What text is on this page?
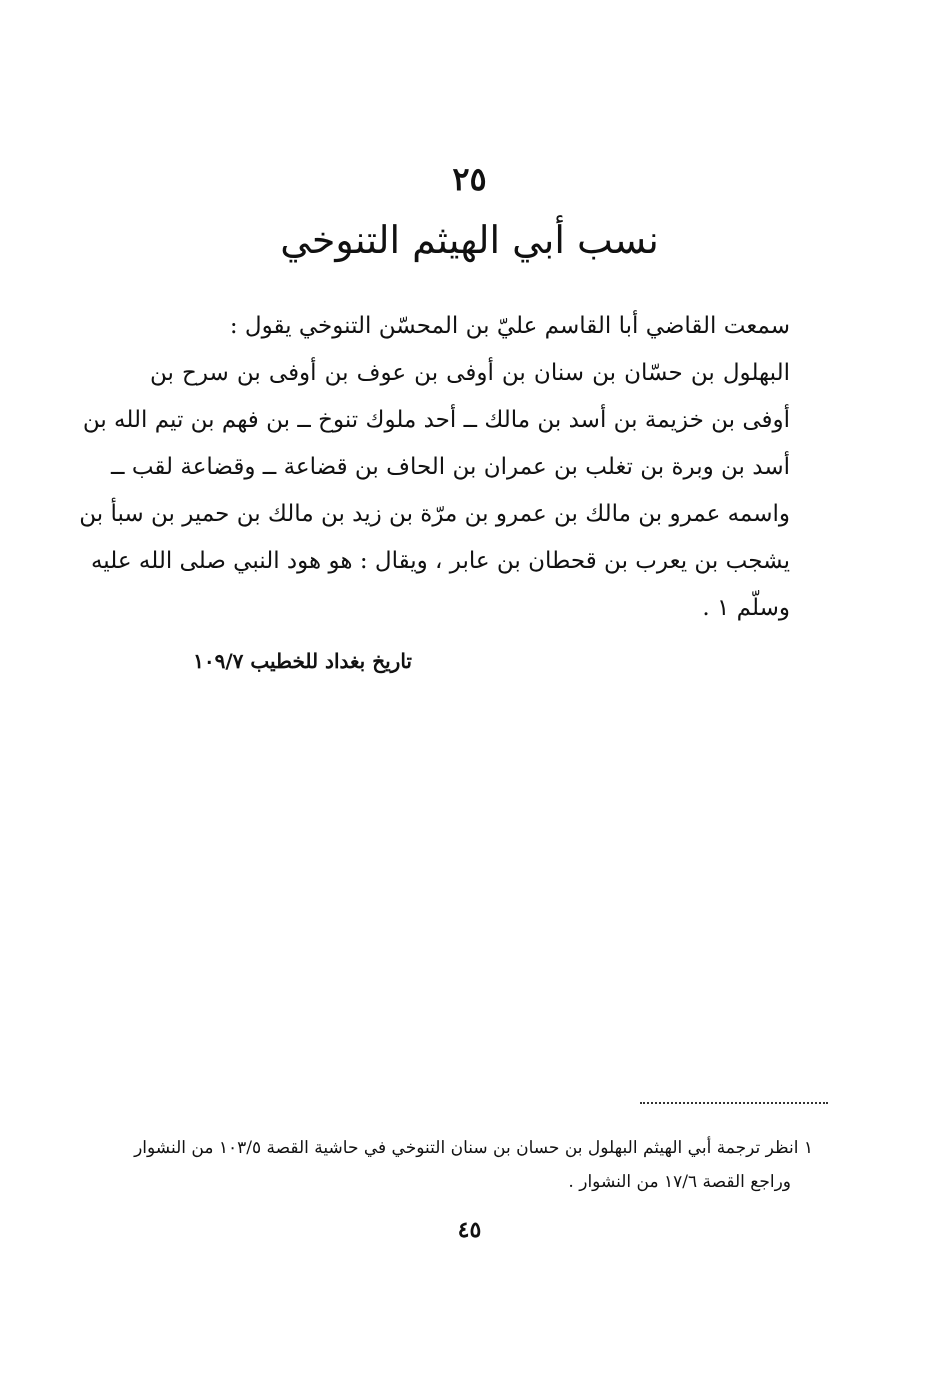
٢٥
نسب أبي الهيثم التنوخي
سمعت القاضي أبا القاسم عليّ بن المحسّن التنوخي يقول :
البهلول بن حسّان بن سنان بن أوفى بن عوف بن أوفى بن سرح بن
أوفى بن خزيمة بن أسد بن مالك ــ أحد ملوك تنوخ ــ بن فهم بن تيم الله بن
أسد بن وبرة بن تغلب بن عمران بن الحاف بن قضاعة ــ وقضاعة لقب ــ
واسمه عمرو بن مالك بن عمرو بن مرّة بن زيد بن مالك بن حمير بن سبأ بن
يشجب بن يعرب بن قحطان بن عابر ، ويقال : هو هود النبي صلى الله عليه
وسلّم ١ .
تاريخ بغداد للخطيب ١٠٩/٧
١ انظر ترجمة أبي الهيثم البهلول بن حسان بن سنان التنوخي في حاشية القصة ١٠٣/٥ من النشوار
وراجع القصة ١٧/٦ من النشوار .
٤٥
